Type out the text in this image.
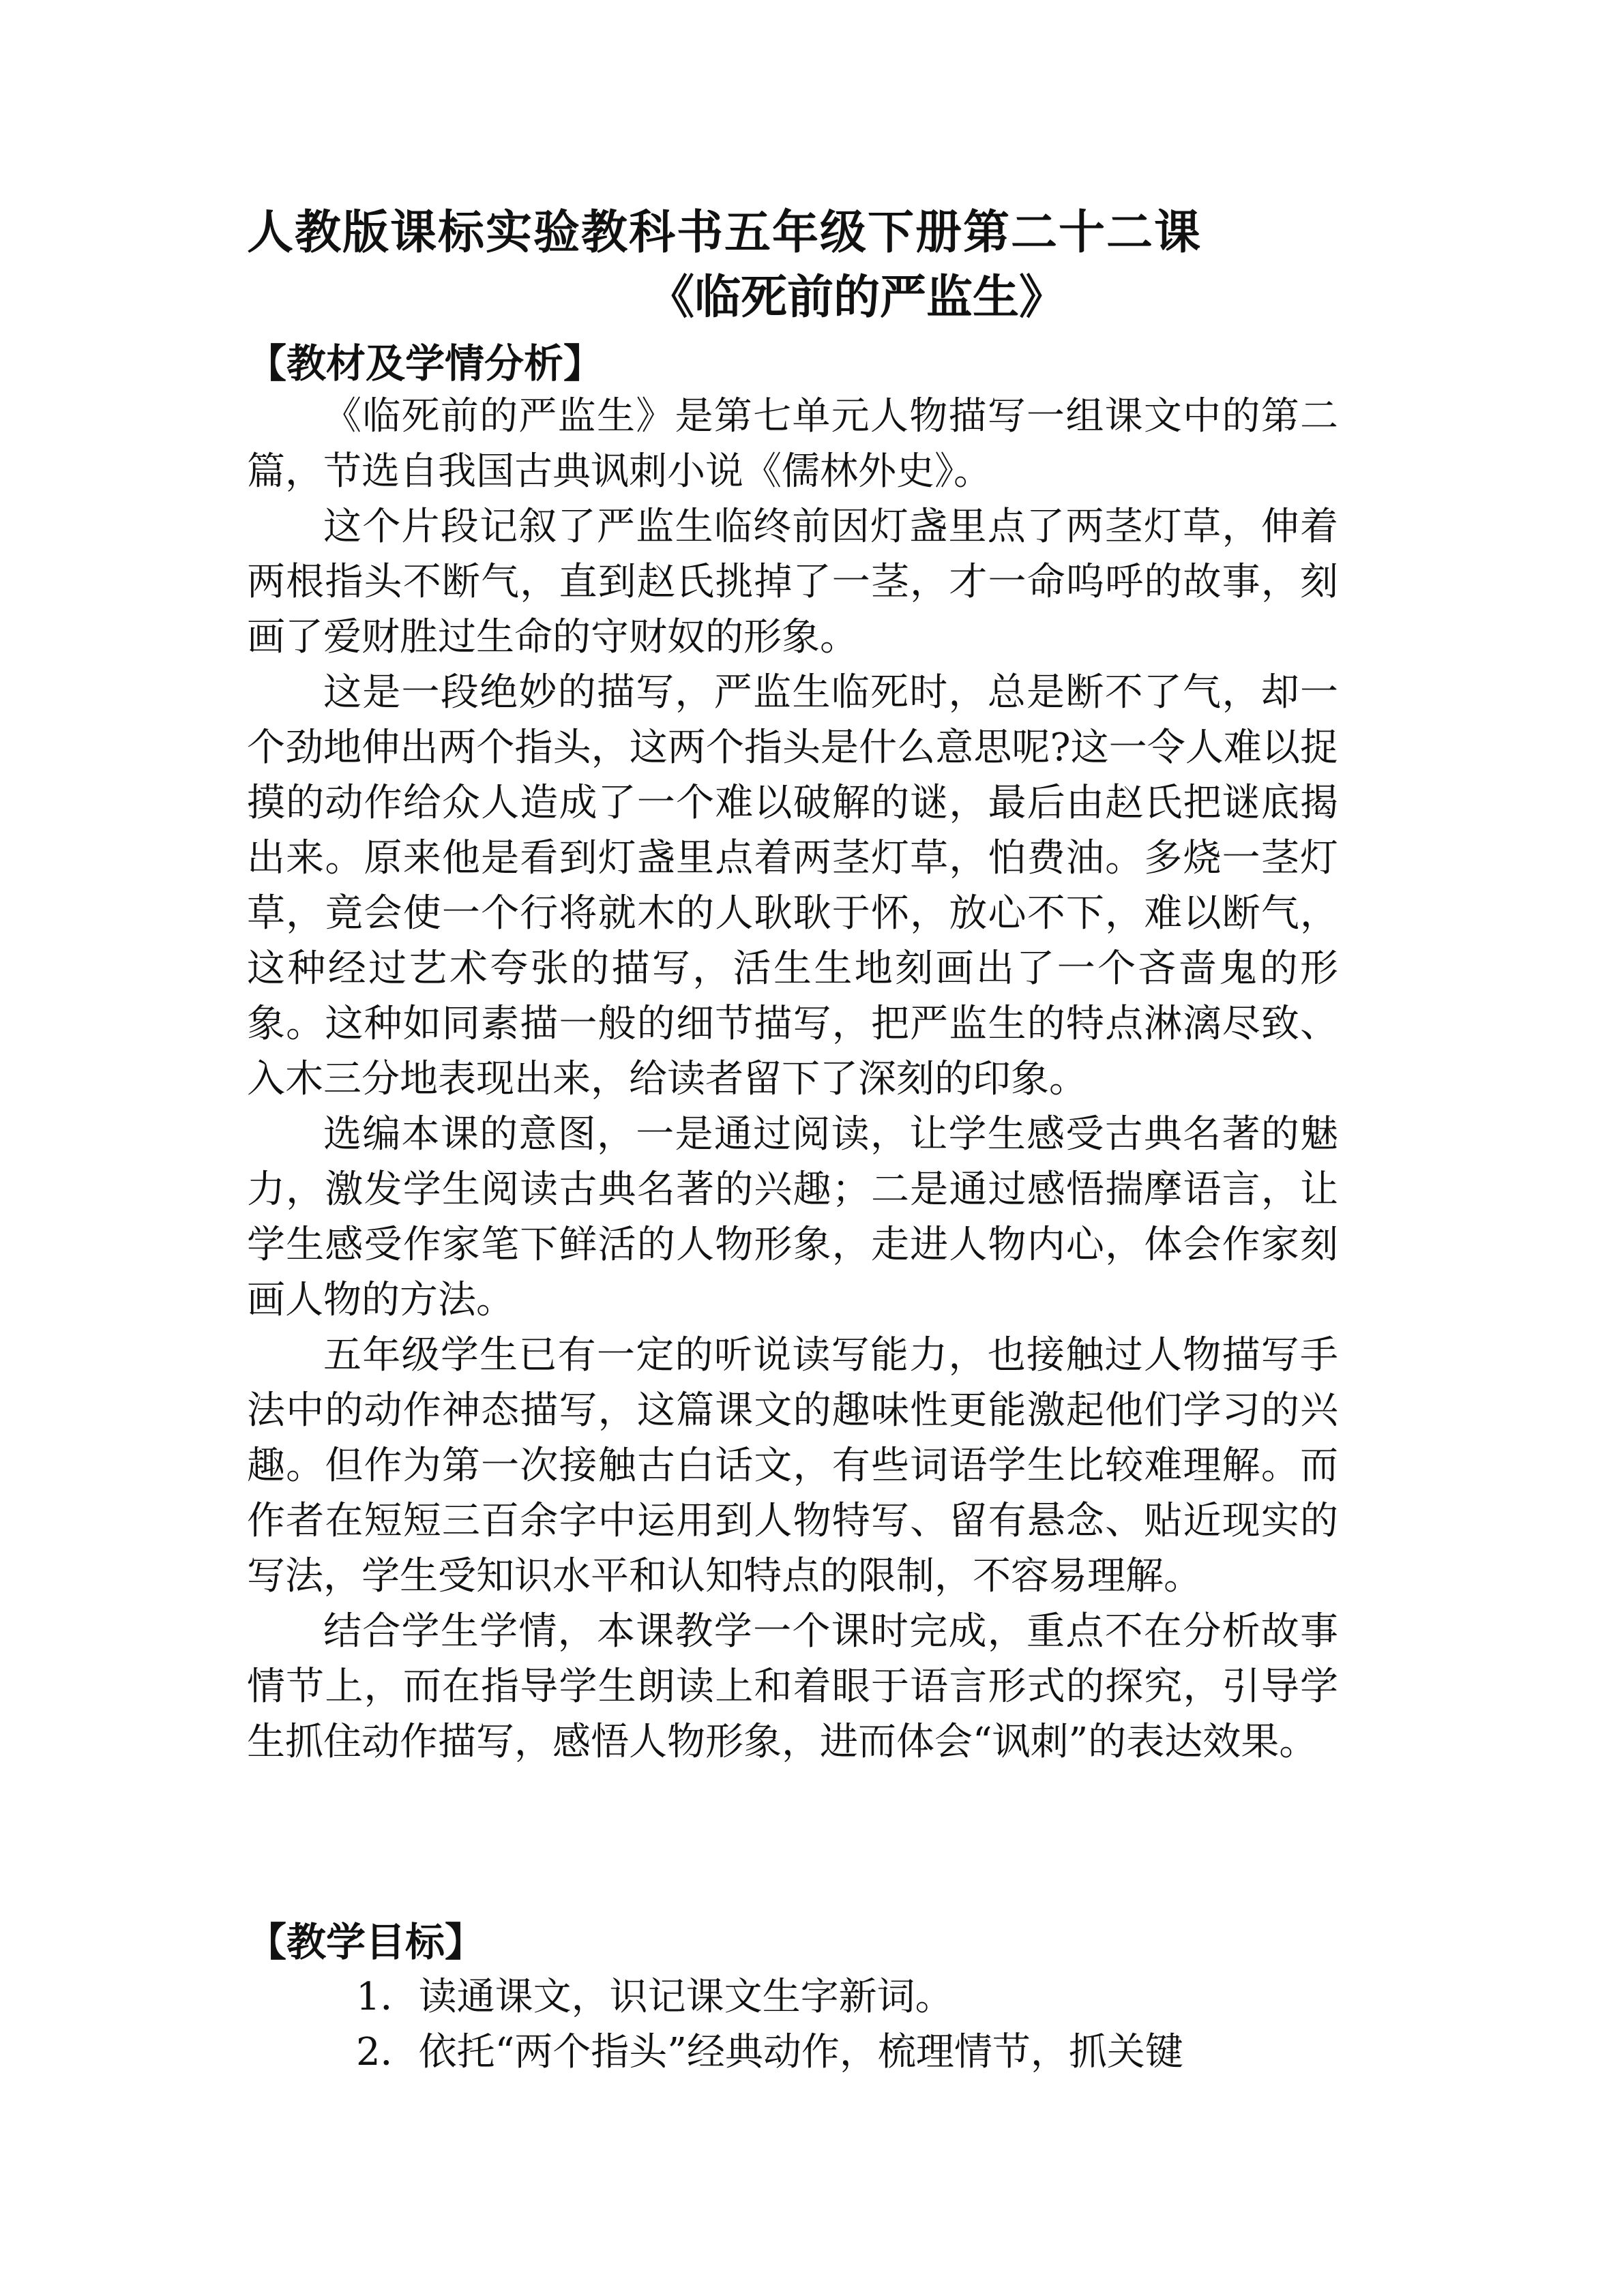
人教版课标实验教科书五年级下册第二十二课
《临死前的严监生》
【教材及学情分析】

《临死前的严监生》是第七单元人物描写一组课文中的第二篇，节选自我国古典讽刺小说《儒林外史》。

这个片段记叙了严监生临终前因灯盏里点了两茎灯草，伸着两根指头不断气，直到赵氏挑掉了一茎，才一命呜呼的故事，刻画了爱财胜过生命的守财奴的形象。

这是一段绝妙的描写，严监生临死时，总是断不了气，却一个劲地伸出两个指头，这两个指头是什么意思呢?这一令人难以捉摸的动作给众人造成了一个难以破解的谜，最后由赵氏把谜底揭出来。原来他是看到灯盏里点着两茎灯草，怕费油。多烧一茎灯草，竟会使一个行将就木的人耿耿于怀，放心不下，难以断气，这种经过艺术夸张的描写，活生生地刻画出了一个吝啬鬼的形象。这种如同素描一般的细节描写，把严监生的特点淋漓尽致、入木三分地表现出来，给读者留下了深刻的印象。

选编本课的意图，一是通过阅读，让学生感受古典名著的魅力，激发学生阅读古典名著的兴趣；二是通过感悟揣摩语言，让学生感受作家笔下鲜活的人物形象，走进人物内心，体会作家刻画人物的方法。

五年级学生已有一定的听说读写能力，也接触过人物描写手法中的动作神态描写，这篇课文的趣味性更能激起他们学习的兴趣。但作为第一次接触古白话文，有些词语学生比较难理解。而作者在短短三百余字中运用到人物特写、留有悬念、贴近现实的写法，学生受知识水平和认知特点的限制，不容易理解。

结合学生学情，本课教学一个课时完成，重点不在分析故事情节上，而在指导学生朗读上和着眼于语言形式的探究，引导学生抓住动作描写，感悟人物形象，进而体会“讽刺”的表达效果。

【教学目标】

1．读通课文，识记课文生字新词。

2．依托“两个指头”经典动作，梳理情节，抓关键
